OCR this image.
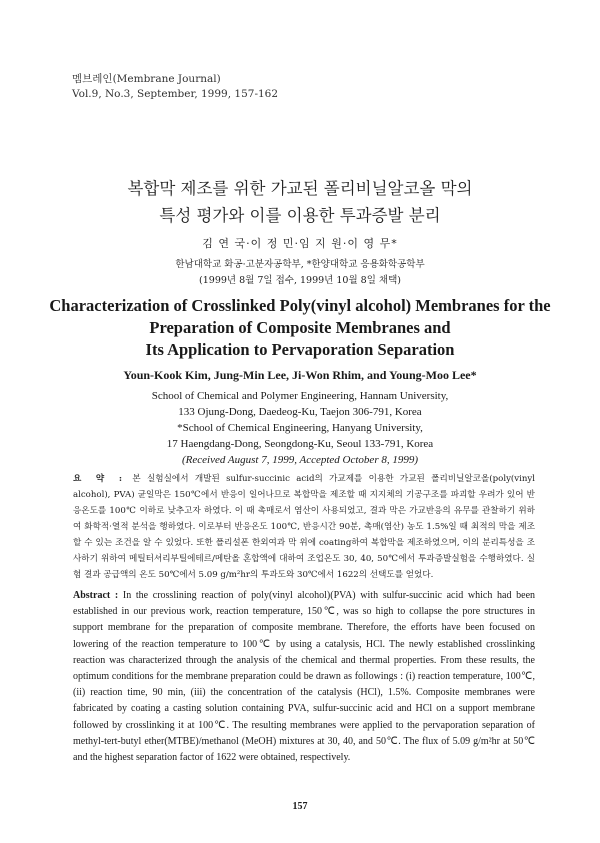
멤브레인(Membrane Journal)
Vol.9, No.3, September, 1999, 157-162
복합막 제조를 위한 가교된 폴리비닐알코올 막의
특성 평가와 이를 이용한 투과증발 분리
김 연 국·이 정 민·임 지 원·이 영 무*
한남대학교 화공·고분자공학부, *한양대학교 응용화학공학부
(1999년 8월 7일 접수, 1999년 10월 8일 채택)
Characterization of Crosslinked Poly(vinyl alcohol) Membranes for the
Preparation of Composite Membranes and
Its Application to Pervaporation Separation
Youn-Kook Kim, Jung-Min Lee, Ji-Won Rhim, and Young-Moo Lee*
School of Chemical and Polymer Engineering, Hannam University,
133 Ojung-Dong, Daedeog-Ku, Taejon 306-791, Korea
*School of Chemical Engineering, Hanyang University,
17 Haengdang-Dong, Seongdong-Ku, Seoul 133-791, Korea
(Received August 7, 1999, Accepted October 8, 1999)
요 약 : 본 실험실에서 개발된 sulfur-succinic acid의 가교제를 이용한 가교된 폴리비닐알코올(poly(vinyl alcohol), PVA) 균일막은 150℃에서 반응이 일어나므로 복합막을 제조할 때 지지체의 기공구조를 파괴할 우려가 있어 반응온도를 100℃ 이하로 낮추고자 하였다. 이 때 촉매로서 염산이 사용되었고, 결과 막은 가교반응의 유무를 관찰하기 위하여 화학적·열적 분석을 행하였다. 이로부터 반응온도 100℃, 반응시간 90분, 촉매(염산) 농도 1.5%일 때 최적의 막을 제조할 수 있는 조건을 알 수 있었다. 또한 폴리설폰 한외여과 막 위에 coating하여 복합막을 제조하였으며, 이의 분리특성을 조사하기 위하여 메틸터셔리부틸에테르/메탄올 혼합액에 대하여 조업온도 30, 40, 50℃에서 투과증발실험을 수행하였다. 실험 결과 공급액의 온도 50℃에서 5.09 g/m²hr의 투과도와 30℃에서 1622의 선택도를 얻었다.
Abstract : In the crosslining reaction of poly(vinyl alcohol)(PVA) with sulfur-succinic acid which had been established in our previous work, reaction temperature, 150℃, was so high to collapse the pore structures in support membrane for the preparation of composite membrane. Therefore, the efforts have been focused on lowering of the reaction temperature to 100℃ by using a catalysis, HCl. The newly established crosslinking reaction was characterized through the analysis of the chemical and thermal properties. From these results, the optimum conditions for the membrane preparation could be drawn as followings : (i) reaction temperature, 100℃, (ii) reaction time, 90 min, (iii) the concentration of the catalysis (HCl), 1.5%. Composite membranes were fabricated by coating a casting solution containing PVA, sulfur-succinic acid and HCl on a support membrane followed by crosslinking it at 100℃. The resulting membranes were applied to the pervaporation separation of methyl-tert-butyl ether(MTBE)/methanol (MeOH) mixtures at 30, 40, and 50℃. The flux of 5.09 g/m²hr at 50℃ and the highest separation factor of 1622 were obtained, respectively.
157
